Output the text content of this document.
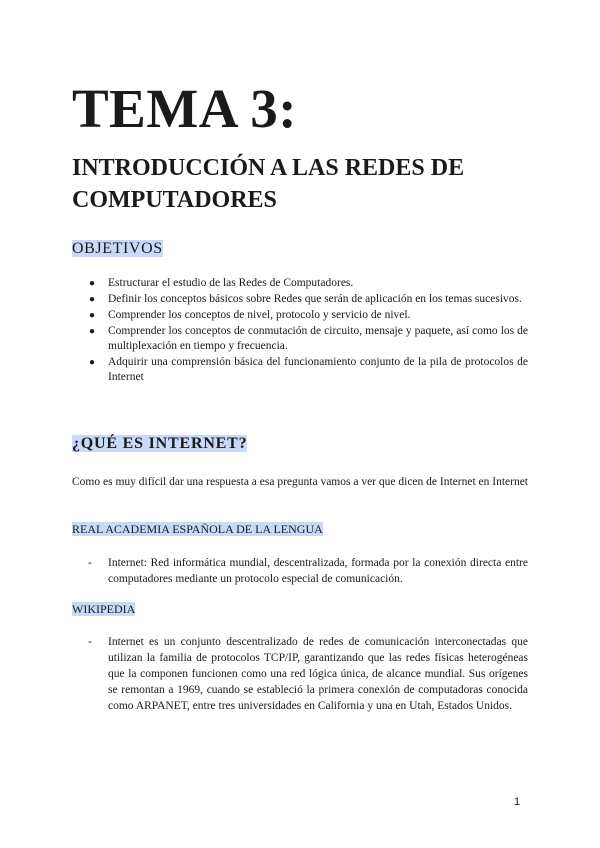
TEMA 3:
INTRODUCCIÓN A LAS REDES DE COMPUTADORES
OBJETIVOS
● Estructurar el estudio de las Redes de Computadores.
● Definir los conceptos básicos sobre Redes que serán de aplicación en los temas sucesivos.
● Comprender los conceptos de nivel, protocolo y servicio de nivel.
● Comprender los conceptos de conmutación de circuito, mensaje y paquete, así como los de multiplexación en tiempo y frecuencia.
● Adquirir una comprensión básica del funcionamiento conjunto de la pila de protocolos de Internet
¿QUÉ ES INTERNET?

Como es muy difícil dar una respuesta a esa pregunta vamos a ver que dicen de Internet en Internet

REAL ACADEMIA ESPAÑOLA DE LA LENGUA

- Internet: Red informática mundial, descentralizada, formada por la conexión directa entre computadores mediante un protocolo especial de comunicación.

WIKIPEDIA

- Internet es un conjunto descentralizado de redes de comunicación interconectadas que utilizan la familia de protocolos TCP/IP, garantizando que las redes físicas heterogéneas que la componen funcionen como una red lógica única, de alcance mundial. Sus orígenes se remontan a 1969, cuando se estableció la primera conexión de computadoras conocida como ARPANET, entre tres universidades en California y una en Utah, Estados Unidos.

1
